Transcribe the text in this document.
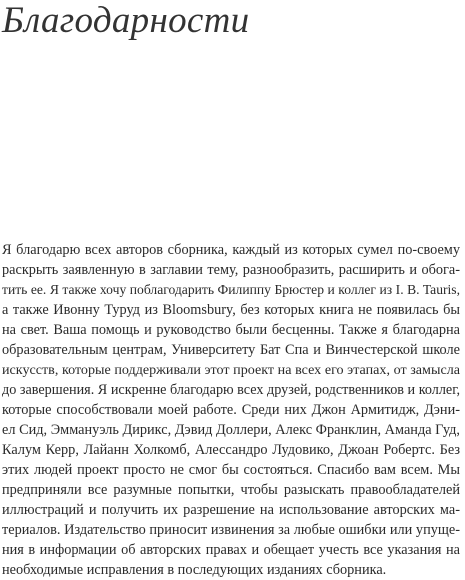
Благодарности
Я благодарю всех авторов сборника, каждый из которых сумел по-своему
раскрыть заявленную в заглавии тему, разнообразить, расширить и обога-
тить ее. Я также хочу поблагодарить Филиппу Брюстер и коллег из I. B. Tauris,
а также Ивонну Туруд из Bloomsbury, без которых книга не появилась бы
на свет. Ваша помощь и руководство были бесценны. Также я благодарна
образовательным центрам, Университету Бат Спа и Винчестерской школе
искусств, которые поддерживали этот проект на всех его этапах, от замысла
до завершения. Я искренне благодарю всех друзей, родственников и коллег,
которые способствовали моей работе. Среди них Джон Армитидж, Дэни-
ел Сид, Эммануэль Дирикс, Дэвид Доллери, Алекс Франклин, Аманда Гуд,
Калум Керр, Лайанн Холкомб, Алессандро Лудовико, Джоан Робертс. Без
этих людей проект просто не смог бы состояться. Спасибо вам всем. Мы
предприняли все разумные попытки, чтобы разыскать правообладателей
иллюстраций и получить их разрешение на использование авторских ма-
териалов. Издательство приносит извинения за любые ошибки или упуще-
ния в информации об авторских правах и обещает учесть все указания на
необходимые исправления в последующих изданиях сборника.
